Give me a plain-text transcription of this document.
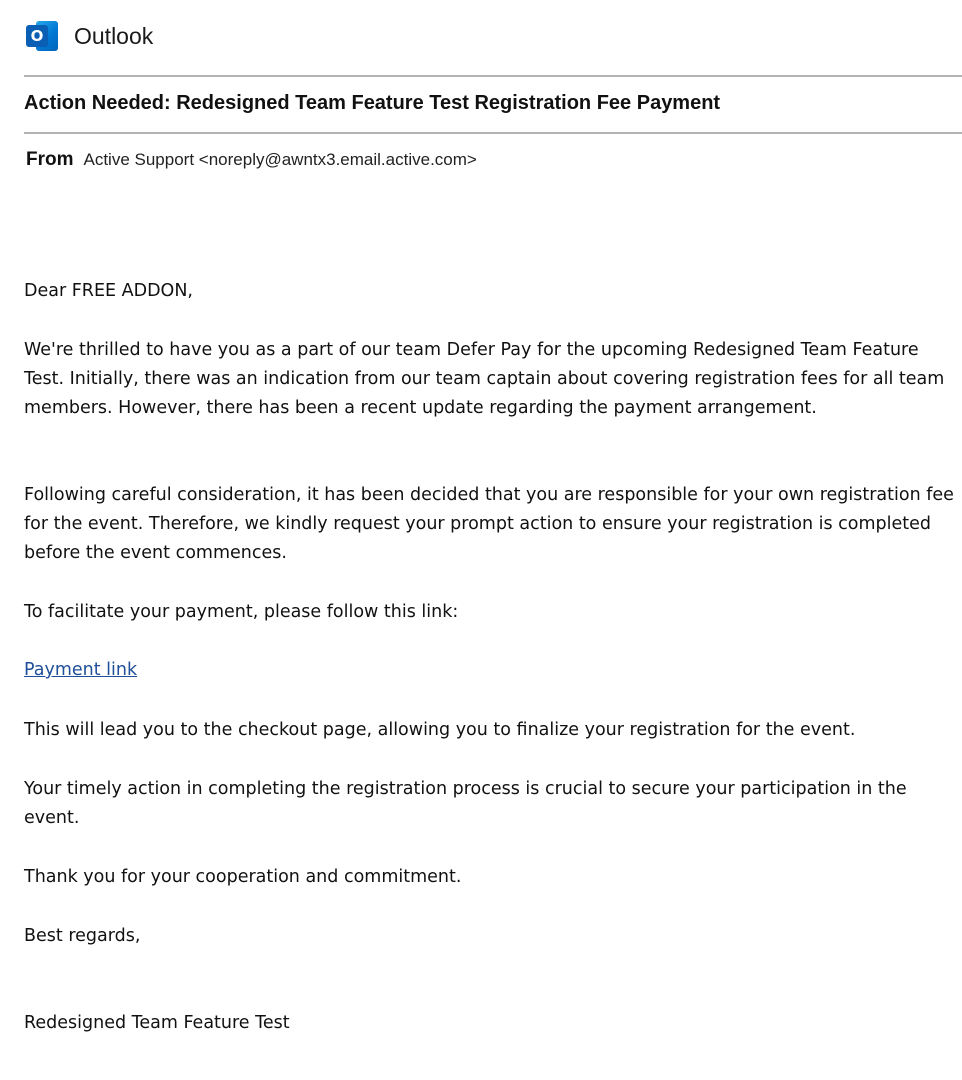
O Outlook
Action Needed: Redesigned Team Feature Test Registration Fee Payment
From Active Support <noreply@awntx3.email.active.com>

Dear FREE ADDON,

We're thrilled to have you as a part of our team Defer Pay for the upcoming Redesigned Team Feature Test. Initially, there was an indication from our team captain about covering registration fees for all team members. However, there has been a recent update regarding the payment arrangement.

Following careful consideration, it has been decided that you are responsible for your own registration fee for the event. Therefore, we kindly request your prompt action to ensure your registration is completed before the event commences.

To facilitate your payment, please follow this link:

Payment link

This will lead you to the checkout page, allowing you to finalize your registration for the event.

Your timely action in completing the registration process is crucial to secure your participation in the event.

Thank you for your cooperation and commitment.

Best regards,

Redesigned Team Feature Test
